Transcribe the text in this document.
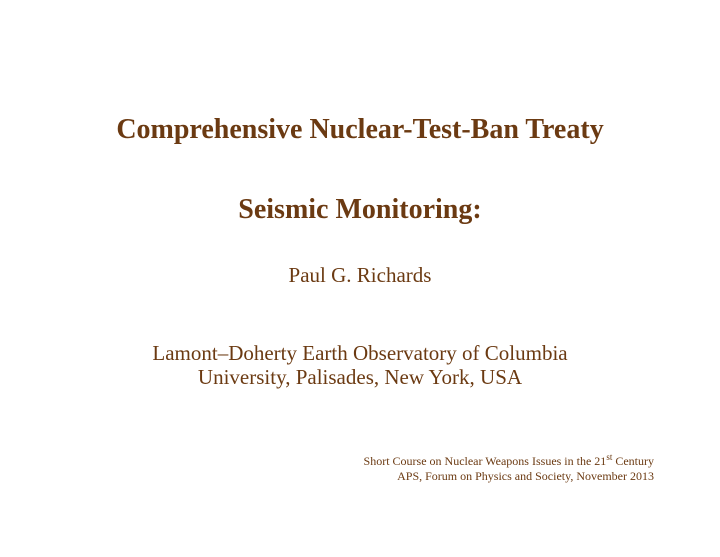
Comprehensive Nuclear-Test-Ban Treaty
Seismic Monitoring:
Paul G. Richards
Lamont–Doherty Earth Observatory of Columbia
University, Palisades, New York, USA
Short Course on Nuclear Weapons Issues in the 21st Century
APS, Forum on Physics and Society, November 2013
